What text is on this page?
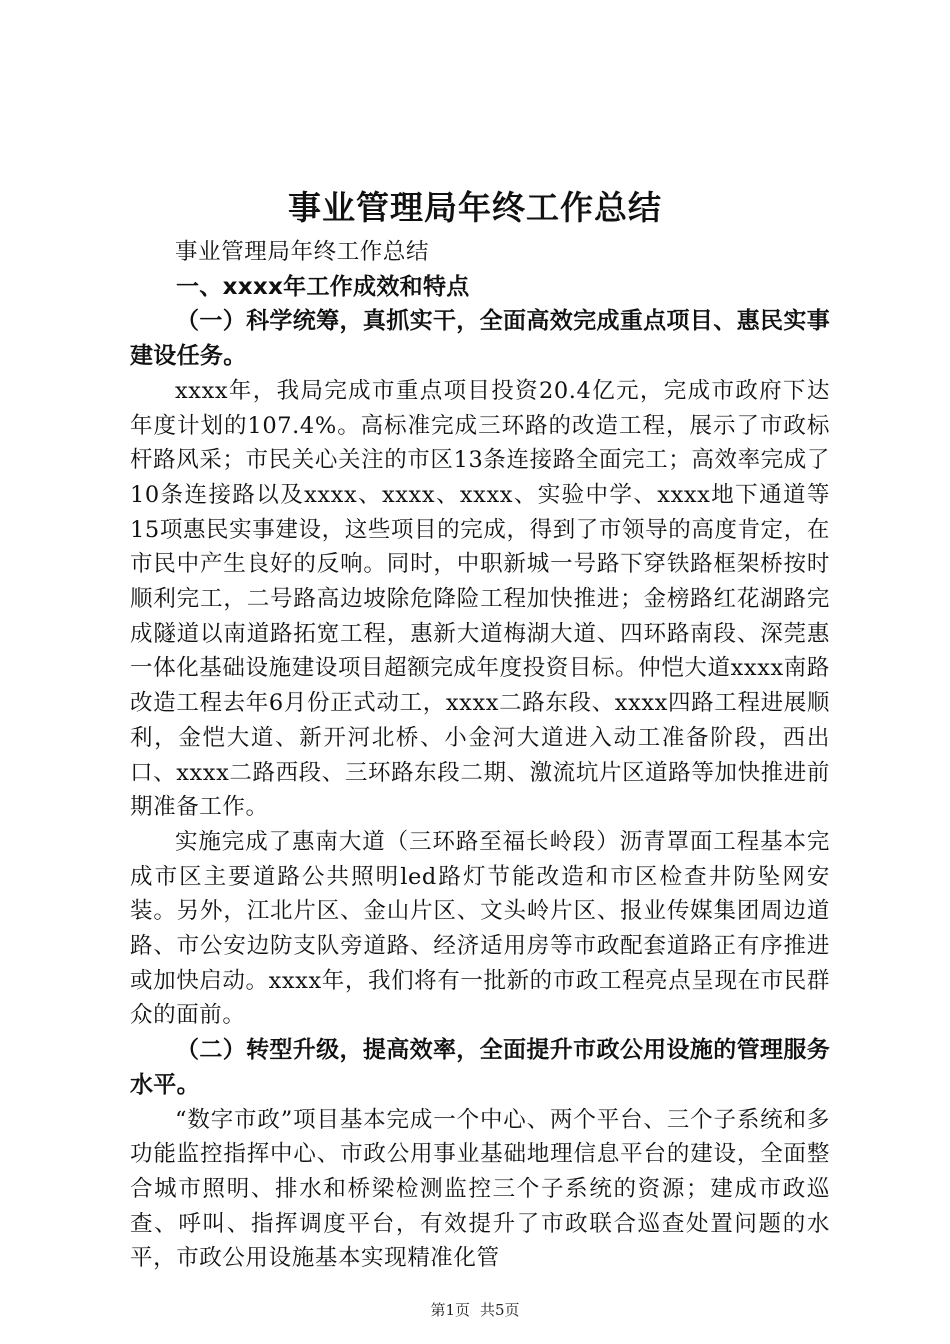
事业管理局年终工作总结

事业管理局年终工作总结

一、xxxx年工作成效和特点

（一）科学统筹，真抓实干，全面高效完成重点项目、惠民实事建设任务。

xxxx年，我局完成市重点项目投资20.4亿元，完成市政府下达年度计划的107.4%。高标准完成三环路的改造工程，展示了市政标杆路风采；市民关心关注的市区13条连接路全面完工；高效率完成了10条连接路以及xxxx、xxxx、xxxx、实验中学、xxxx地下通道等15项惠民实事建设，这些项目的完成，得到了市领导的高度肯定，在市民中产生良好的反响。同时，中职新城一号路下穿铁路框架桥按时顺利完工，二号路高边坡除危降险工程加快推进；金榜路红花湖路完成隧道以南道路拓宽工程，惠新大道梅湖大道、四环路南段、深莞惠一体化基础设施建设项目超额完成年度投资目标。仲恺大道xxxx南路改造工程去年6月份正式动工，xxxx二路东段、xxxx四路工程进展顺利，金恺大道、新开河北桥、小金河大道进入动工准备阶段，西出口、xxxx二路西段、三环路东段二期、激流坑片区道路等加快推进前期准备工作。

实施完成了惠南大道（三环路至福长岭段）沥青罩面工程基本完成市区主要道路公共照明led路灯节能改造和市区检查井防坠网安装。另外，江北片区、金山片区、文头岭片区、报业传媒集团周边道路、市公安边防支队旁道路、经济适用房等市政配套道路正有序推进或加快启动。xxxx年，我们将有一批新的市政工程亮点呈现在市民群众的面前。

（二）转型升级，提高效率，全面提升市政公用设施的管理服务水平。

“数字市政”项目基本完成一个中心、两个平台、三个子系统和多功能监控指挥中心、市政公用事业基础地理信息平台的建设，全面整合城市照明、排水和桥梁检测监控三个子系统的资源；建成市政巡查、呼叫、指挥调度平台，有效提升了市政联合巡查处置问题的水平，市政公用设施基本实现精准化管

第1页 共5页
